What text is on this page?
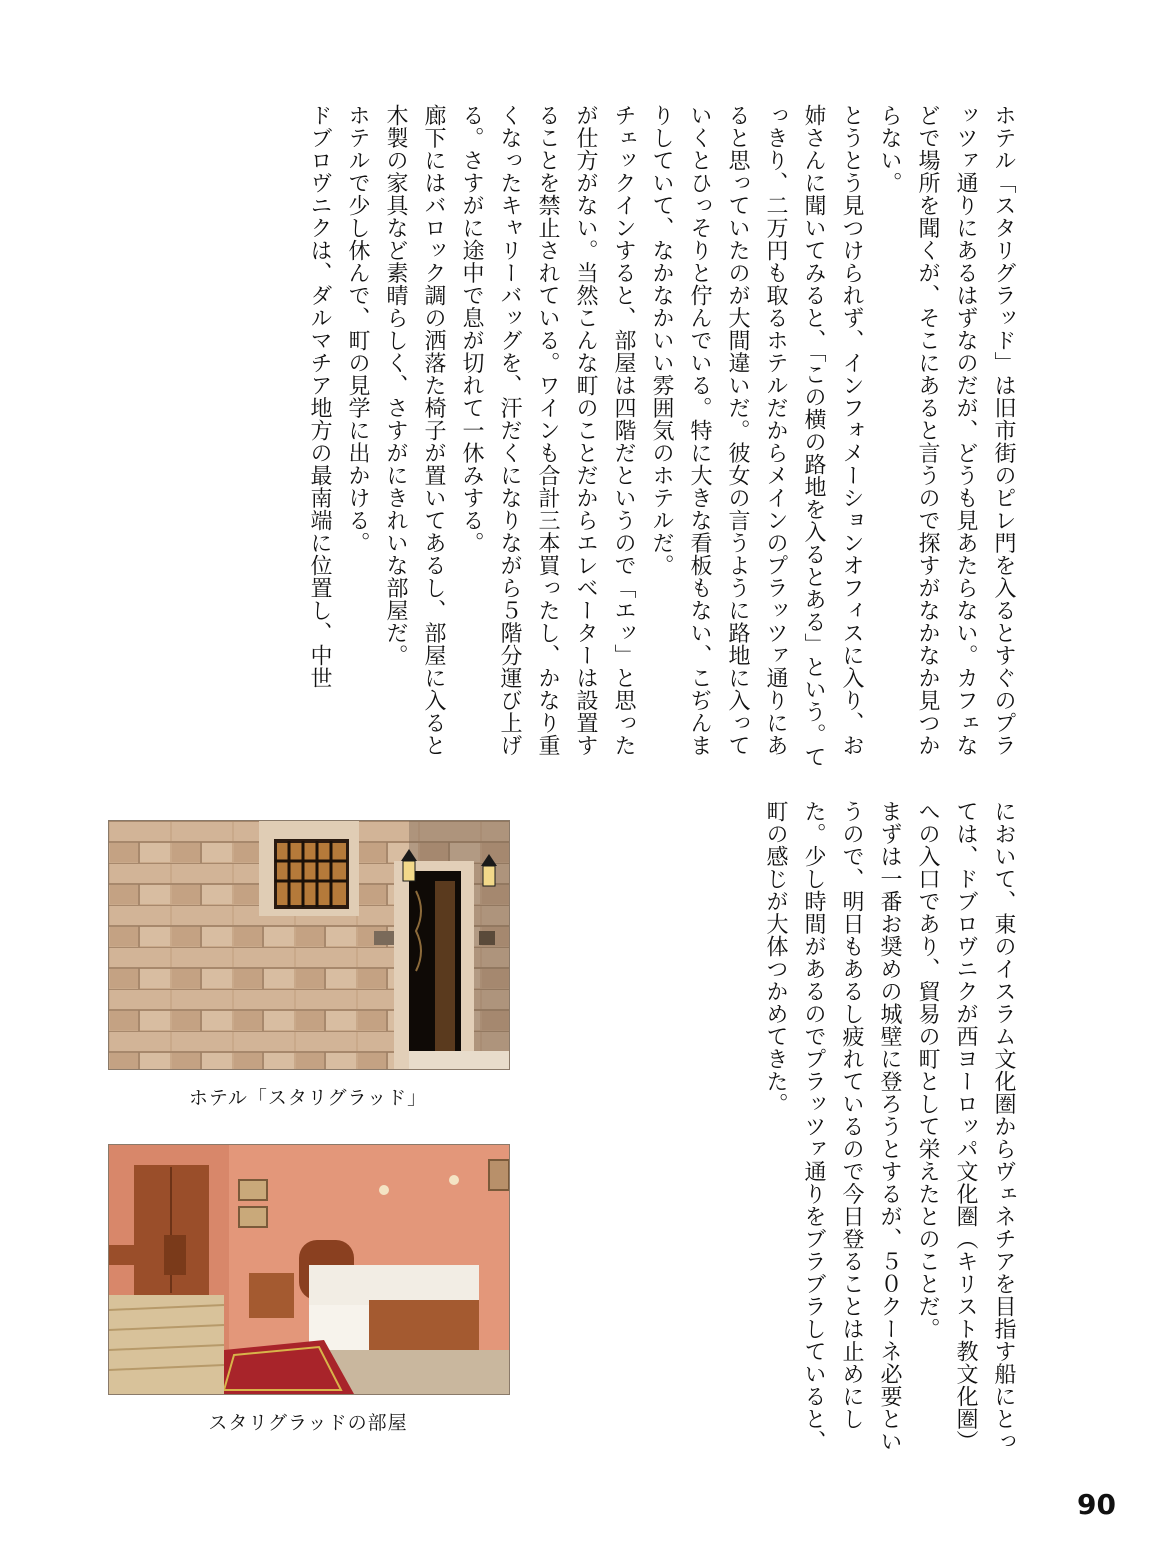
ホテル「スタリグラッド」は旧市街のピレ門を入るとすぐのプラッツァ通りにあるはずなのだが、どうも見あたらない。カフェなどで場所を聞くが、そこにあると言うので探すがなかなか見つからない。
とうとう見つけられず、インフォメーションオフィスに入り、お姉さんに聞いてみると、「この横の路地を入るとある」という。てっきり、二万円も取るホテルだからメインのプラッツァ通りにあると思っていたのが大間違いだ。彼女の言うように路地に入っていくとひっそりと佇んでいる。特に大きな看板もない、こぢんまりしていて、なかなかいい雰囲気のホテルだ。
チェックインすると、部屋は四階だというので「エッ」と思ったが仕方がない。当然こんな町のことだからエレベーターは設置することを禁止されている。ワインも合計三本買ったし、かなり重くなったキャリーバッグを、汗だくになりながら５階分運び上げる。さすがに途中で息が切れて一休みする。
廊下にはバロック調の洒落た椅子が置いてあるし、部屋に入ると木製の家具など素晴らしく、さすがにきれいな部屋だ。
ホテルで少し休んで、町の見学に出かける。
ドブロヴニクは、ダルマチア地方の最南端に位置し、中世
において、東のイスラム文化圏からヴェネチアを目指す船にとっては、ドブロヴニクが西ヨーロッパ文化圏（キリスト教文化圏）への入口であり、貿易の町として栄えたとのことだ。
まずは一番お奨めの城壁に登ろうとするが、５０クーネ必要というので、明日もあるし疲れているので今日登ることは止めにした。少し時間があるのでプラッツァ通りをブラブラしていると、町の感じが大体つかめてきた。
ホテル「スタリグラッド」
スタリグラッドの部屋
90
